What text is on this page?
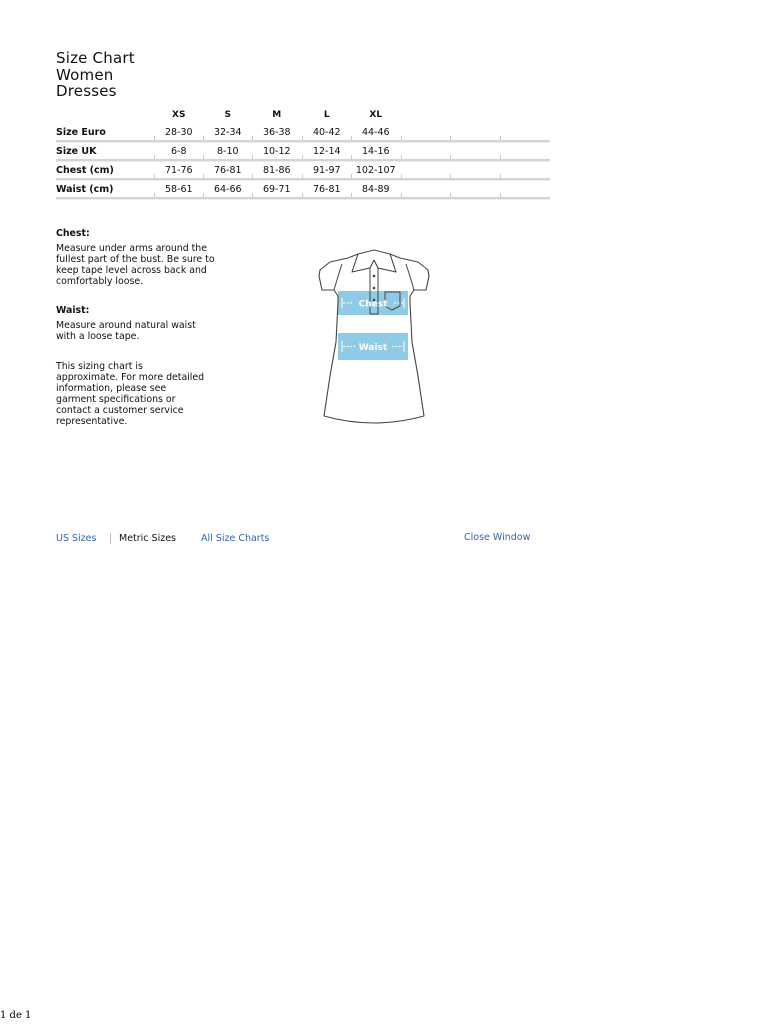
Size Chart
Women
Dresses
XS	S	M	L	XL
Size Euro	28-30	32-34	36-38	40-42	44-46
Size UK	6-8	8-10	10-12	12-14	14-16
Chest (cm)	71-76	76-81	81-86	91-97	102-107
Waist (cm)	58-61	64-66	69-71	76-81	84-89
Chest:

Measure under arms around the fullest part of the bust. Be sure to keep tape level across back and comfortably loose.

Waist:

Measure around natural waist with a loose tape.

This sizing chart is approximate. For more detailed information, please see garment specifications or contact a customer service representative.

Chest
Waist
US Sizes Metric Sizes	All Size Charts	Close Window
1 de 1
